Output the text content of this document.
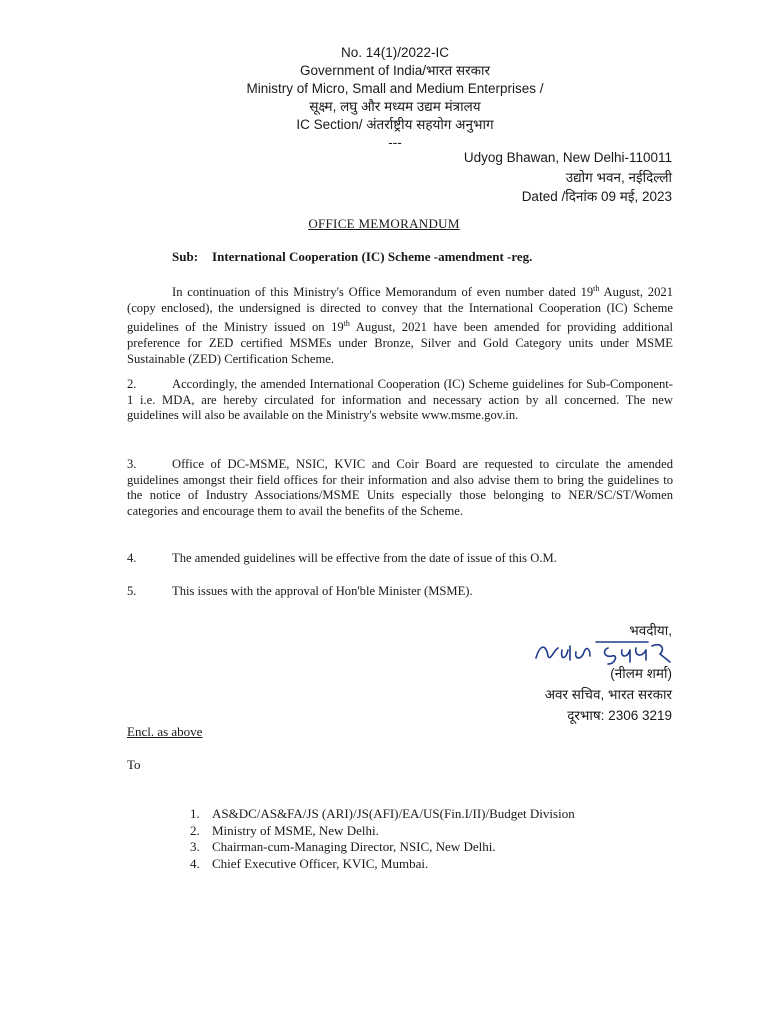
No. 14(1)/2022-IC
Government of India/भारत सरकार
Ministry of Micro, Small and Medium Enterprises /
सूक्ष्म, लघु और मध्यम उद्यम मंत्रालय
IC Section/ अंतर्राष्ट्रीय सहयोग अनुभाग
---
Udyog Bhawan, New Delhi-110011
उद्योग भवन, नईदिल्ली
Dated /दिनांक 09 मई, 2023
OFFICE MEMORANDUM
Sub: International Cooperation (IC) Scheme -amendment -reg.
In continuation of this Ministry's Office Memorandum of even number dated 19th August, 2021 (copy enclosed), the undersigned is directed to convey that the International Cooperation (IC) Scheme guidelines of the Ministry issued on 19th August, 2021 have been amended for providing additional preference for ZED certified MSMEs under Bronze, Silver and Gold Category units under MSME Sustainable (ZED) Certification Scheme.
2.	Accordingly, the amended International Cooperation (IC) Scheme guidelines for Sub-Component-1 i.e. MDA, are hereby circulated for information and necessary action by all concerned. The new guidelines will also be available on the Ministry's website www.msme.gov.in.
3.	Office of DC-MSME, NSIC, KVIC and Coir Board are requested to circulate the amended guidelines amongst their field offices for their information and also advise them to bring the guidelines to the notice of Industry Associations/MSME Units especially those belonging to NER/SC/ST/Women categories and encourage them to avail the benefits of the Scheme.
4.	The amended guidelines will be effective from the date of issue of this O.M.
5.	This issues with the approval of Hon'ble Minister (MSME).
भवदीया,
(नीलम शर्मा)
अवर सचिव, भारत सरकार
दूरभाष: 2306 3219
Encl. as above
To
1. AS&DC/AS&FA/JS (ARI)/JS(AFI)/EA/US(Fin.I/II)/Budget Division
2. Ministry of MSME, New Delhi.
3. Chairman-cum-Managing Director, NSIC, New Delhi.
4. Chief Executive Officer, KVIC, Mumbai.
